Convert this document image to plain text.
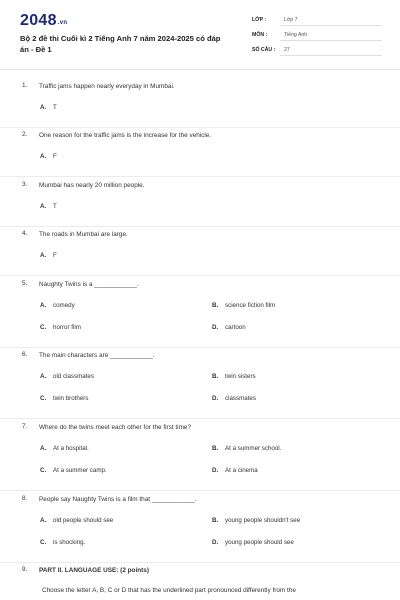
2048.vn
Bộ 2 đề thi Cuối kì 2 Tiếng Anh 7 năm 2024-2025 có đáp án - Đề 1
LỚP :	Lớp 7
MÔN :	Tiếng Anh
SỐ CÂU : 27
1. Traffic jams happen nearly everyday in Mumbai.
A. T
2. One reason for the traffic jams is the increase for the vehicle.
A. F
3. Mumbai has nearly 20 million people.
A. T
4. The roads in Mumbai are large.
A. F
5. Naughty Twins is a ____________.
A. comedy	B. science fiction film
C. horror film	D. cartoon
6. The main characters are ____________.
A. old classmates	B. twin sisters
C. twin brothers	D. classmates
7. Where do the twins meet each other for the first time?
A. At a hospital.	B. At a summer school.
C. At a summer camp.	D. At a cinema
8. People say Naughty Twins is a film that ____________.
A. old people should see	B. young people shouldn't see
C. is shocking.	D. young people should see
9. PART II. LANGUAGE USE: (2 points)
Choose the letter A, B, C or D that has the underlined part pronounced differently from the
